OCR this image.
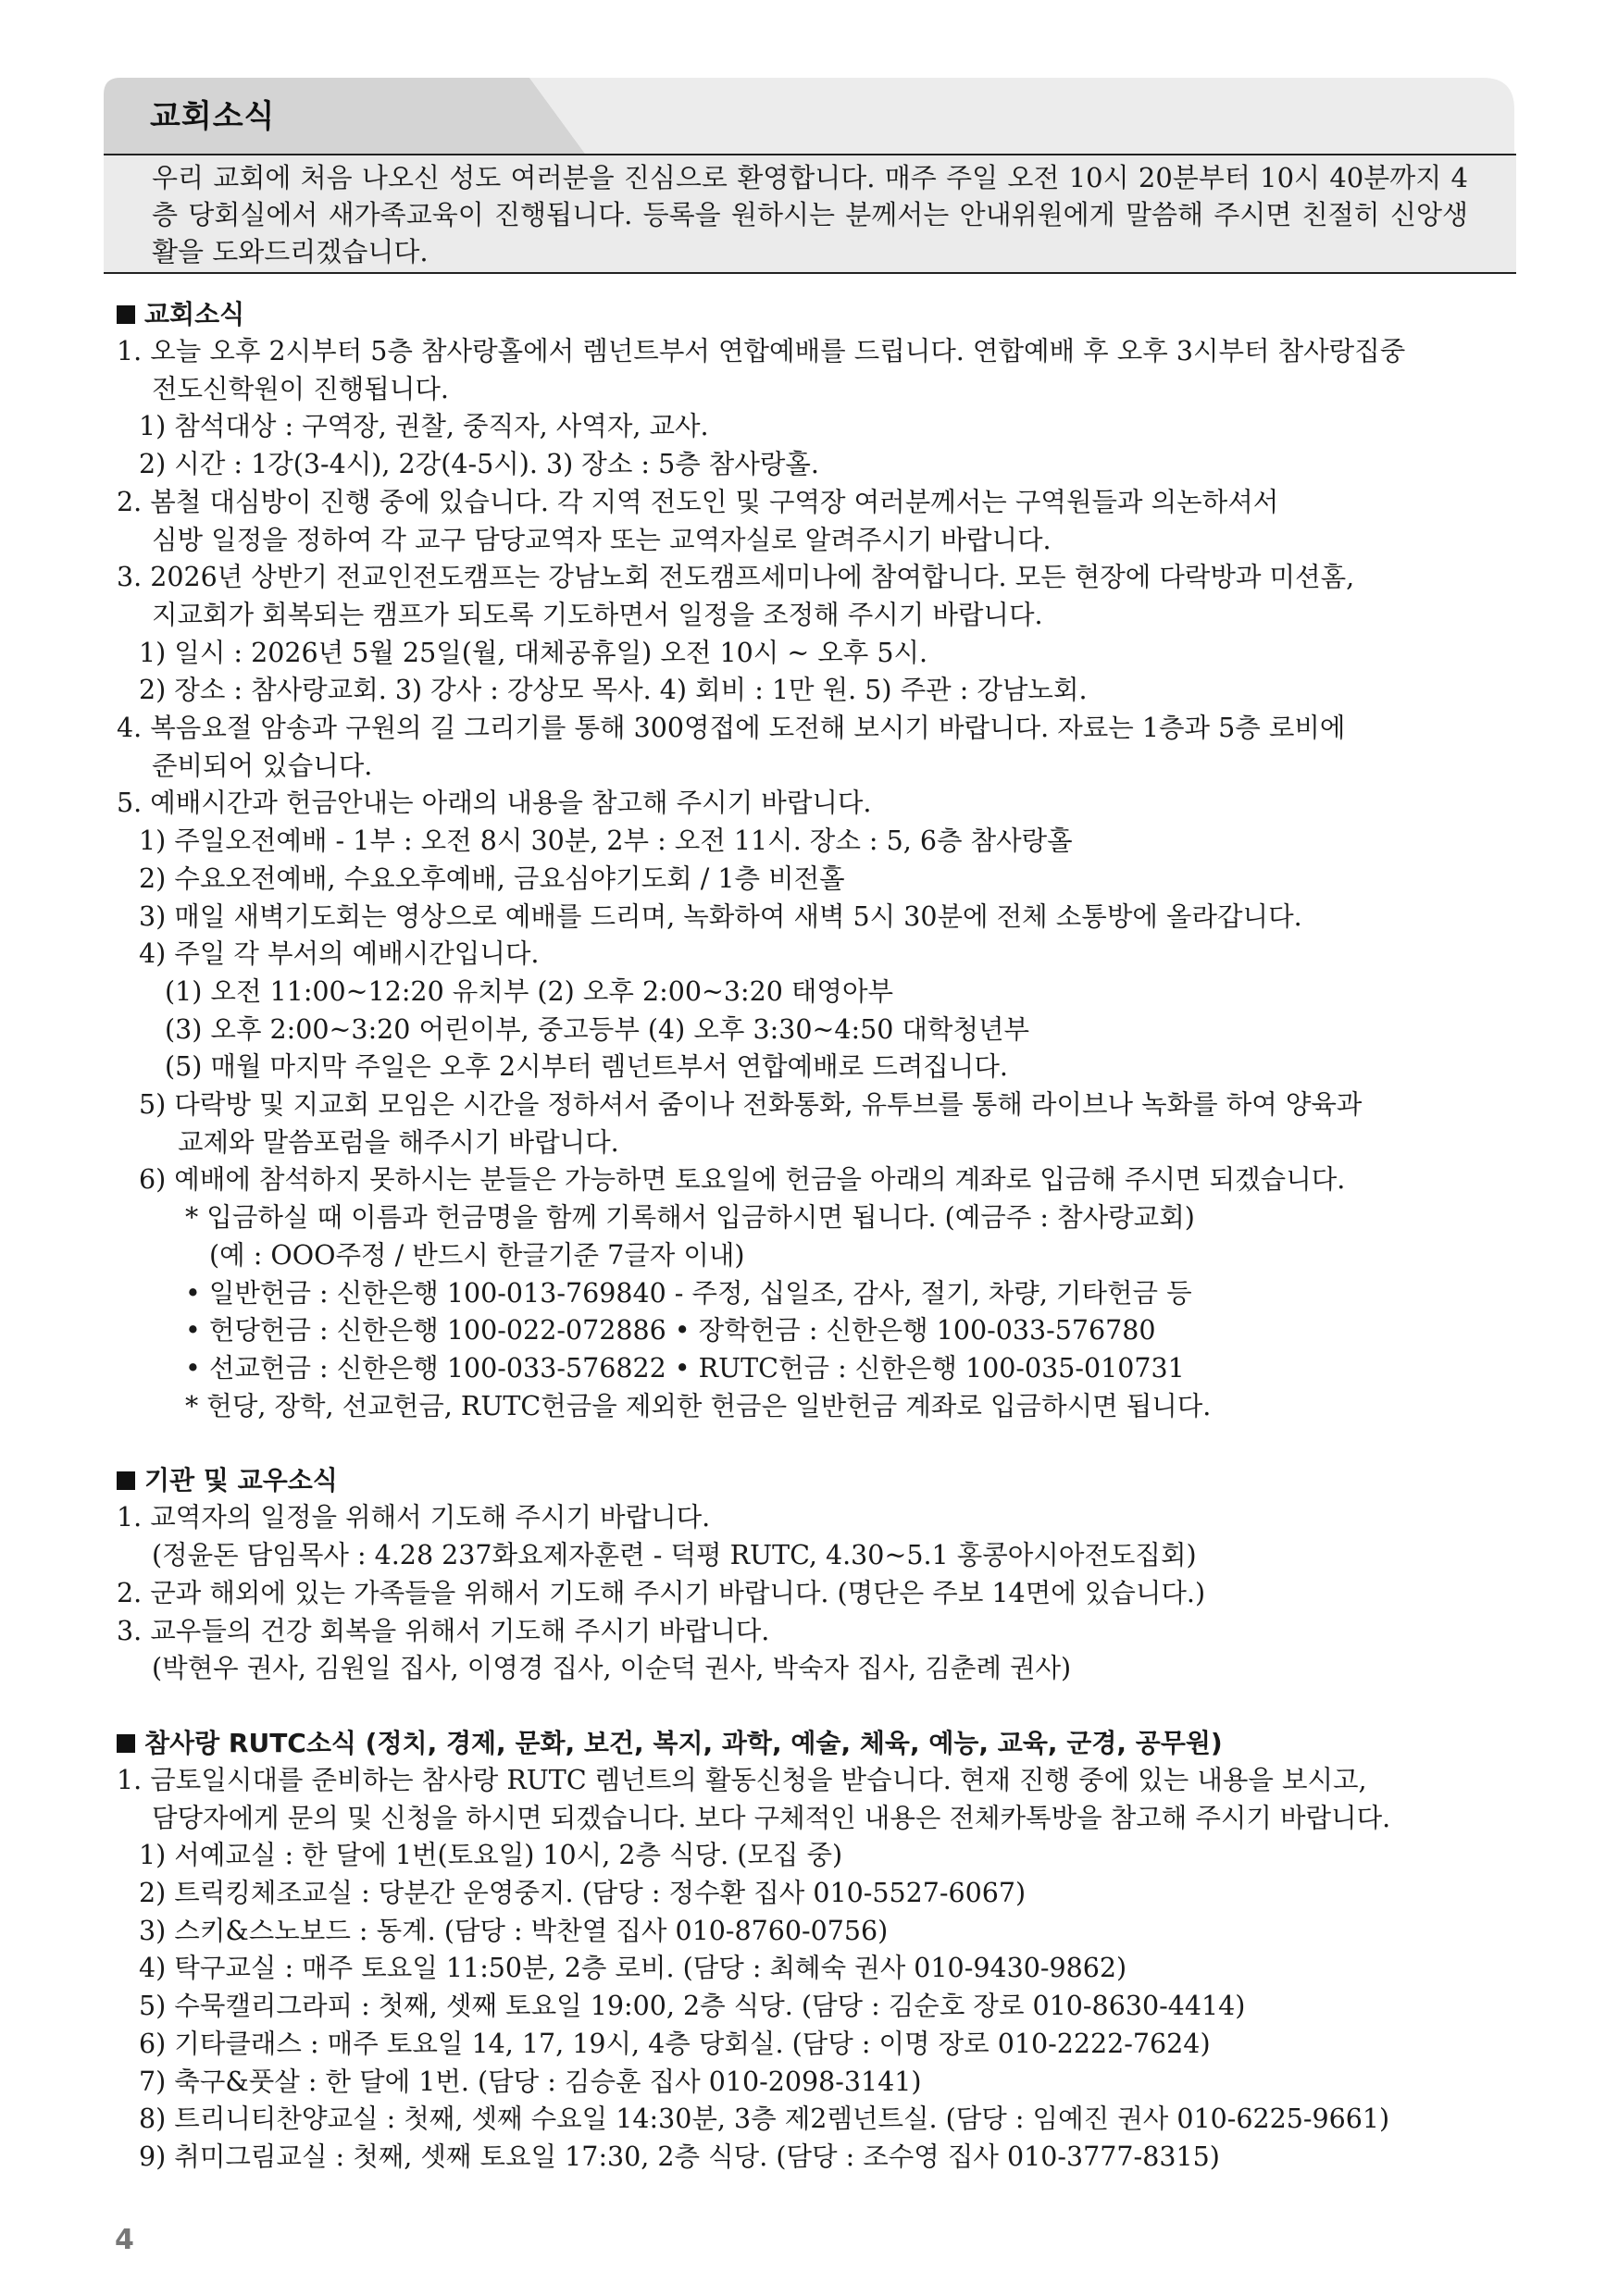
교회소식

우리 교회에 처음 나오신 성도 여러분을 진심으로 환영합니다. 매주 주일 오전 10시 20분부터 10시 40분까지 4층 당회실에서 새가족교육이 진행됩니다. 등록을 원하시는 분께서는 안내위원에게 말씀해 주시면 친절히 신앙생활을 도와드리겠습니다.

교회소식
1. 오늘 오후 2시부터 5층 참사랑홀에서 렘넌트부서 연합예배를 드립니다. 연합예배 후 오후 3시부터 참사랑집중
전도신학원이 진행됩니다.
1) 참석대상 : 구역장, 권찰, 중직자, 사역자, 교사.
2) 시간 : 1강(3-4시), 2강(4-5시). 3) 장소 : 5층 참사랑홀.
2. 봄철 대심방이 진행 중에 있습니다. 각 지역 전도인 및 구역장 여러분께서는 구역원들과 의논하셔서
심방 일정을 정하여 각 교구 담당교역자 또는 교역자실로 알려주시기 바랍니다.
3. 2026년 상반기 전교인전도캠프는 강남노회 전도캠프세미나에 참여합니다. 모든 현장에 다락방과 미션홈,
지교회가 회복되는 캠프가 되도록 기도하면서 일정을 조정해 주시기 바랍니다.
1) 일시 : 2026년 5월 25일(월, 대체공휴일) 오전 10시 ~ 오후 5시.
2) 장소 : 참사랑교회. 3) 강사 : 강상모 목사. 4) 회비 : 1만 원. 5) 주관 : 강남노회.
4. 복음요절 암송과 구원의 길 그리기를 통해 300영접에 도전해 보시기 바랍니다. 자료는 1층과 5층 로비에
준비되어 있습니다.
5. 예배시간과 헌금안내는 아래의 내용을 참고해 주시기 바랍니다.
1) 주일오전예배 - 1부 : 오전 8시 30분, 2부 : 오전 11시. 장소 : 5, 6층 참사랑홀
2) 수요오전예배, 수요오후예배, 금요심야기도회 / 1층 비전홀
3) 매일 새벽기도회는 영상으로 예배를 드리며, 녹화하여 새벽 5시 30분에 전체 소통방에 올라갑니다.
4) 주일 각 부서의 예배시간입니다.
(1) 오전 11:00~12:20 유치부 (2) 오후 2:00~3:20 태영아부
(3) 오후 2:00~3:20 어린이부, 중고등부 (4) 오후 3:30~4:50 대학청년부
(5) 매월 마지막 주일은 오후 2시부터 렘넌트부서 연합예배로 드려집니다.
5) 다락방 및 지교회 모임은 시간을 정하셔서 줌이나 전화통화, 유투브를 통해 라이브나 녹화를 하여 양육과
교제와 말씀포럼을 해주시기 바랍니다.
6) 예배에 참석하지 못하시는 분들은 가능하면 토요일에 헌금을 아래의 계좌로 입금해 주시면 되겠습니다.
* 입금하실 때 이름과 헌금명을 함께 기록해서 입금하시면 됩니다. (예금주 : 참사랑교회)
(예 : OOO주정 / 반드시 한글기준 7글자 이내)
• 일반헌금 : 신한은행 100-013-769840 - 주정, 십일조, 감사, 절기, 차량, 기타헌금 등
• 헌당헌금 : 신한은행 100-022-072886 • 장학헌금 : 신한은행 100-033-576780
• 선교헌금 : 신한은행 100-033-576822 • RUTC헌금 : 신한은행 100-035-010731
* 헌당, 장학, 선교헌금, RUTC헌금을 제외한 헌금은 일반헌금 계좌로 입금하시면 됩니다.
기관 및 교우소식
1. 교역자의 일정을 위해서 기도해 주시기 바랍니다.
(정윤돈 담임목사 : 4.28 237화요제자훈련 - 덕평 RUTC, 4.30~5.1 홍콩아시아전도집회)
2. 군과 해외에 있는 가족들을 위해서 기도해 주시기 바랍니다. (명단은 주보 14면에 있습니다.)
3. 교우들의 건강 회복을 위해서 기도해 주시기 바랍니다.
(박현우 권사, 김원일 집사, 이영경 집사, 이순덕 권사, 박숙자 집사, 김춘례 권사)
참사랑 RUTC소식 (정치, 경제, 문화, 보건, 복지, 과학, 예술, 체육, 예능, 교육, 군경, 공무원)
1. 금토일시대를 준비하는 참사랑 RUTC 렘넌트의 활동신청을 받습니다. 현재 진행 중에 있는 내용을 보시고,
담당자에게 문의 및 신청을 하시면 되겠습니다. 보다 구체적인 내용은 전체카톡방을 참고해 주시기 바랍니다.
1) 서예교실 : 한 달에 1번(토요일) 10시, 2층 식당. (모집 중)
2) 트릭킹체조교실 : 당분간 운영중지. (담당 : 정수환 집사 010-5527-6067)
3) 스키&스노보드 : 동계. (담당 : 박찬열 집사 010-8760-0756)
4) 탁구교실 : 매주 토요일 11:50분, 2층 로비. (담당 : 최혜숙 권사 010-9430-9862)
5) 수묵캘리그라피 : 첫째, 셋째 토요일 19:00, 2층 식당. (담당 : 김순호 장로 010-8630-4414)
6) 기타클래스 : 매주 토요일 14, 17, 19시, 4층 당회실. (담당 : 이명 장로 010-2222-7624)
7) 축구&풋살 : 한 달에 1번. (담당 : 김승훈 집사 010-2098-3141)
8) 트리니티찬양교실 : 첫째, 셋째 수요일 14:30분, 3층 제2렘넌트실. (담당 : 임예진 권사 010-6225-9661)
9) 취미그림교실 : 첫째, 셋째 토요일 17:30, 2층 식당. (담당 : 조수영 집사 010-3777-8315)
4
